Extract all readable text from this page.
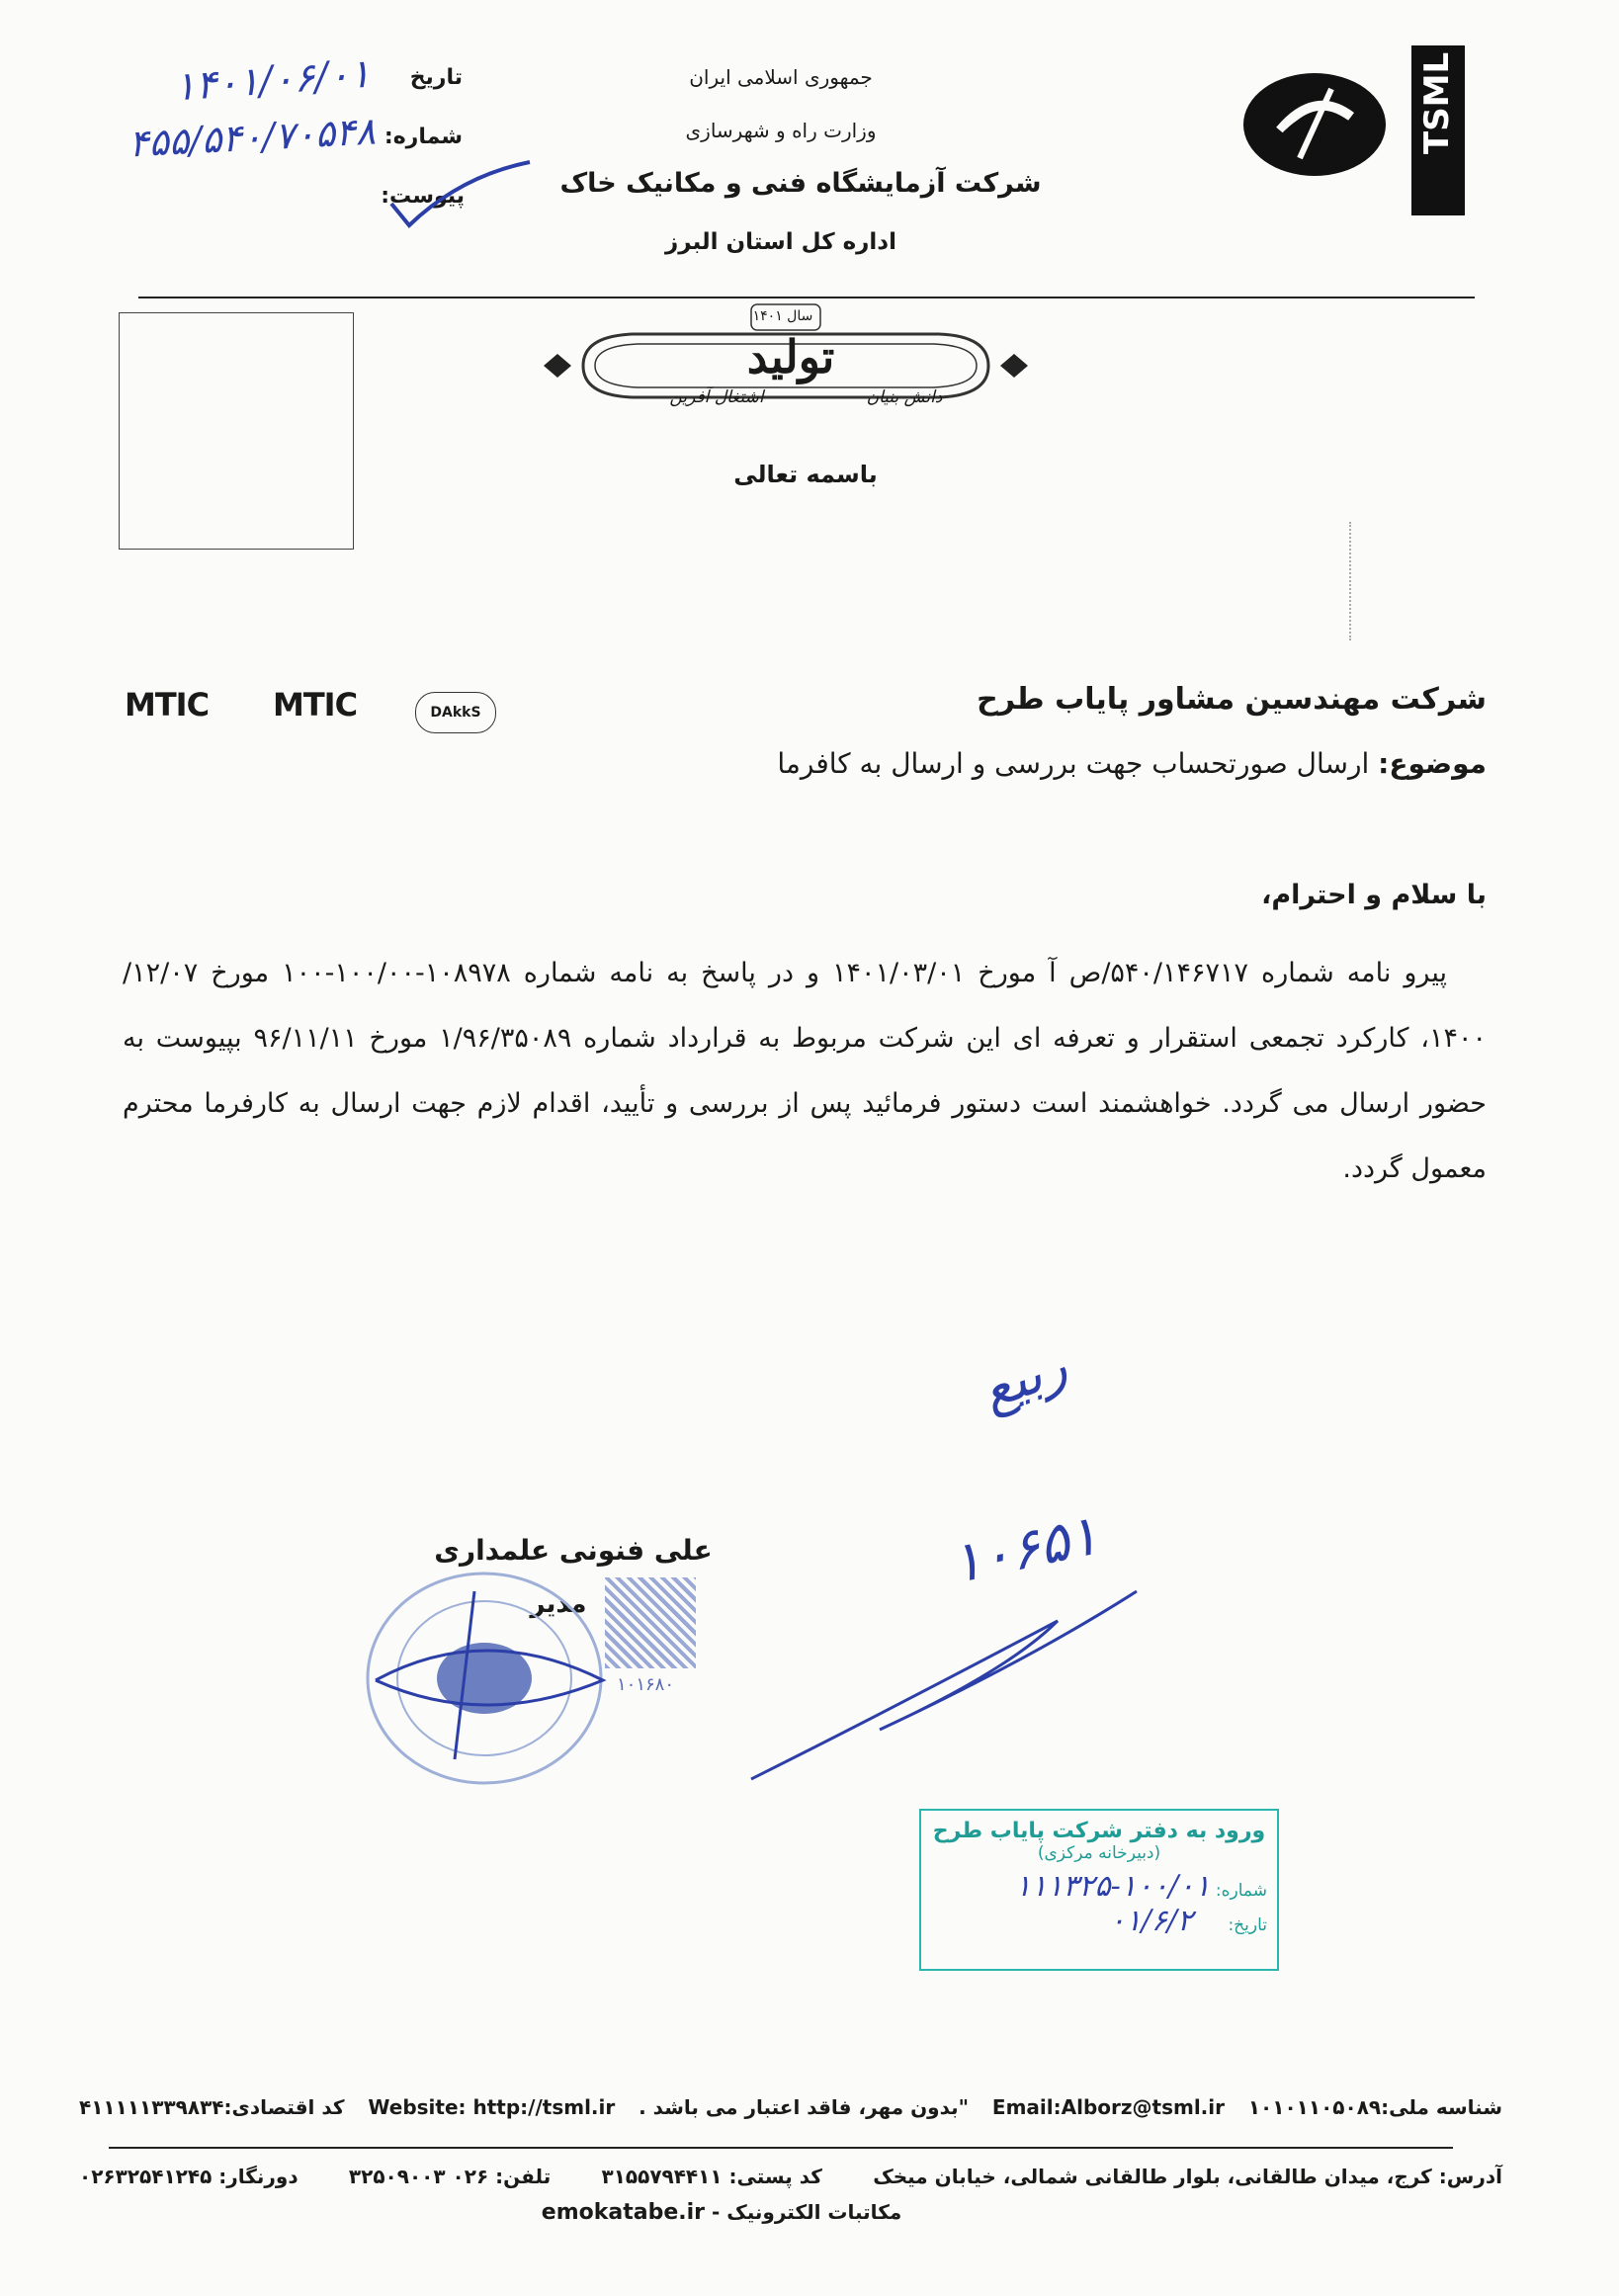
TSML
جمهوری اسلامی ایران
وزارت راه و شهرسازی
شرکت آزمایشگاه فنی و مکانیک خاک
اداره کل استان البرز
تاریخ
۱۴۰۱/۰۶/۰۱
شماره:
۴۵۵/۵۴۰/۷۰۵۴۸
پیوست:
سال ۱۴۰۱
تولید
دانش بنیان
اشتغال آفرین
باسمه تعالی
MTIC	MTIC	DAkkS	شرکت مهندسین مشاور پایاب طرح
موضوع: ارسال صورتحساب جهت بررسی و ارسال به کافرما
با سلام و احترام،
پیرو نامه شماره ۵۴۰/۱۴۶۷۱۷/ص آ مورخ ۱۴۰۱/۰۳/۰۱ و در پاسخ به نامه شماره ۱۰۸۹۷۸-۱۰۰/۰۰-۱۰۰ مورخ ۱۲/۰۷/ ۱۴۰۰، کارکرد تجمعی استقرار و تعرفه ای این شرکت مربوط به قرارداد شماره ۱/۹۶/۳۵۰۸۹ مورخ ۹۶/۱۱/۱۱ بپیوست به حضور ارسال می گردد. خواهشمند است دستور فرمائید پس از بررسی و تأیید، اقدام لازم جهت ارسال به کارفرما محترم معمول گردد.
ربیع
۱۰۶۵۱
علی فنونی علمداری
مدیر
۱۰۱۶۸۰
ورود به دفتر شرکت پایاب طرح
(دبیرخانه مرکزی)
شماره: ۱۰۰/۰۱-۱۱۱۳۲۵
تاریخ: ۰۱/۶/۲
شناسه ملی:۱۰۱۰۱۱۰۵۰۸۹
Email:Alborz@tsml.ir
"بدون مهر، فاقد اعتبار می باشد .
Website: http://tsml.ir
کد اقتصادی:۴۱۱۱۱۱۳۳۹۸۳۴
آدرس: کرج، میدان طالقانی، بلوار طالقانی شمالی، خیابان میخک
کد پستی: ۳۱۵۵۷۹۴۴۱۱
تلفن: ۰۲۶ ۳۲۵۰۹۰۰۳
دورنگار: ۰۲۶۳۲۵۴۱۲۴۵
مکاتبات الکترونیک - emokatabe.ir
